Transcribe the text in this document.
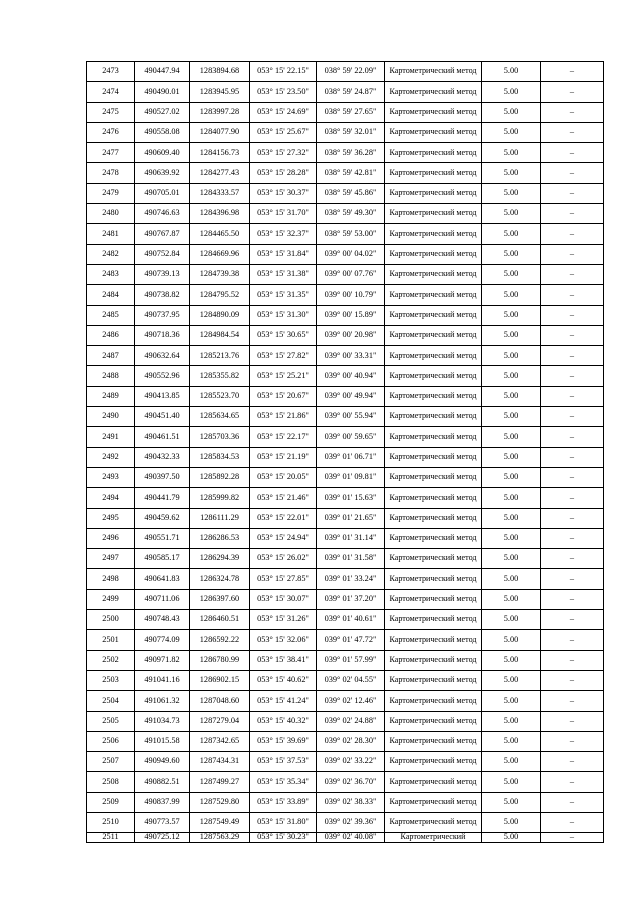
2473	490447.94	1283894.68	053° 15' 22.15"	038° 59' 22.09"	Картометрический метод	5.00	–
2474	490490.01	1283945.95	053° 15' 23.50"	038° 59' 24.87"	Картометрический метод	5.00	–
2475	490527.02	1283997.28	053° 15' 24.69"	038° 59' 27.65"	Картометрический метод	5.00	–
2476	490558.08	1284077.90	053° 15' 25.67"	038° 59' 32.01"	Картометрический метод	5.00	–
2477	490609.40	1284156.73	053° 15' 27.32"	038° 59' 36.28"	Картометрический метод	5.00	–
2478	490639.92	1284277.43	053° 15' 28.28"	038° 59' 42.81"	Картометрический метод	5.00	–
2479	490705.01	1284333.57	053° 15' 30.37"	038° 59' 45.86"	Картометрический метод	5.00	–
2480	490746.63	1284396.98	053° 15' 31.70"	038° 59' 49.30"	Картометрический метод	5.00	–
2481	490767.87	1284465.50	053° 15' 32.37"	038° 59' 53.00"	Картометрический метод	5.00	–
2482	490752.84	1284669.96	053° 15' 31.84"	039° 00' 04.02"	Картометрический метод	5.00	–
2483	490739.13	1284739.38	053° 15' 31.38"	039° 00' 07.76"	Картометрический метод	5.00	–
2484	490738.82	1284795.52	053° 15' 31.35"	039° 00' 10.79"	Картометрический метод	5.00	–
2485	490737.95	1284890.09	053° 15' 31.30"	039° 00' 15.89"	Картометрический метод	5.00	–
2486	490718.36	1284984.54	053° 15' 30.65"	039° 00' 20.98"	Картометрический метод	5.00	–
2487	490632.64	1285213.76	053° 15' 27.82"	039° 00' 33.31"	Картометрический метод	5.00	–
2488	490552.96	1285355.82	053° 15' 25.21"	039° 00' 40.94"	Картометрический метод	5.00	–
2489	490413.85	1285523.70	053° 15' 20.67"	039° 00' 49.94"	Картометрический метод	5.00	–
2490	490451.40	1285634.65	053° 15' 21.86"	039° 00' 55.94"	Картометрический метод	5.00	–
2491	490461.51	1285703.36	053° 15' 22.17"	039° 00' 59.65"	Картометрический метод	5.00	–
2492	490432.33	1285834.53	053° 15' 21.19"	039° 01' 06.71"	Картометрический метод	5.00	–
2493	490397.50	1285892.28	053° 15' 20.05"	039° 01' 09.81"	Картометрический метод	5.00	–
2494	490441.79	1285999.82	053° 15' 21.46"	039° 01' 15.63"	Картометрический метод	5.00	–
2495	490459.62	1286111.29	053° 15' 22.01"	039° 01' 21.65"	Картометрический метод	5.00	–
2496	490551.71	1286286.53	053° 15' 24.94"	039° 01' 31.14"	Картометрический метод	5.00	–
2497	490585.17	1286294.39	053° 15' 26.02"	039° 01' 31.58"	Картометрический метод	5.00	–
2498	490641.83	1286324.78	053° 15' 27.85"	039° 01' 33.24"	Картометрический метод	5.00	–
2499	490711.06	1286397.60	053° 15' 30.07"	039° 01' 37.20"	Картометрический метод	5.00	–
2500	490748.43	1286460.51	053° 15' 31.26"	039° 01' 40.61"	Картометрический метод	5.00	–
2501	490774.09	1286592.22	053° 15' 32.06"	039° 01' 47.72"	Картометрический метод	5.00	–
2502	490971.82	1286780.99	053° 15' 38.41"	039° 01' 57.99"	Картометрический метод	5.00	–
2503	491041.16	1286902.15	053° 15' 40.62"	039° 02' 04.55"	Картометрический метод	5.00	–
2504	491061.32	1287048.60	053° 15' 41.24"	039° 02' 12.46"	Картометрический метод	5.00	–
2505	491034.73	1287279.04	053° 15' 40.32"	039° 02' 24.88"	Картометрический метод	5.00	–
2506	491015.58	1287342.65	053° 15' 39.69"	039° 02' 28.30"	Картометрический метод	5.00	–
2507	490949.60	1287434.31	053° 15' 37.53"	039° 02' 33.22"	Картометрический метод	5.00	–
2508	490882.51	1287499.27	053° 15' 35.34"	039° 02' 36.70"	Картометрический метод	5.00	–
2509	490837.99	1287529.80	053° 15' 33.89"	039° 02' 38.33"	Картометрический метод	5.00	–
2510	490773.57	1287549.49	053° 15' 31.80"	039° 02' 39.36"	Картометрический метод	5.00	–
2511	490725.12	1287563.29	053° 15' 30.23"	039° 02' 40.08"	Картометрический	5.00	–
